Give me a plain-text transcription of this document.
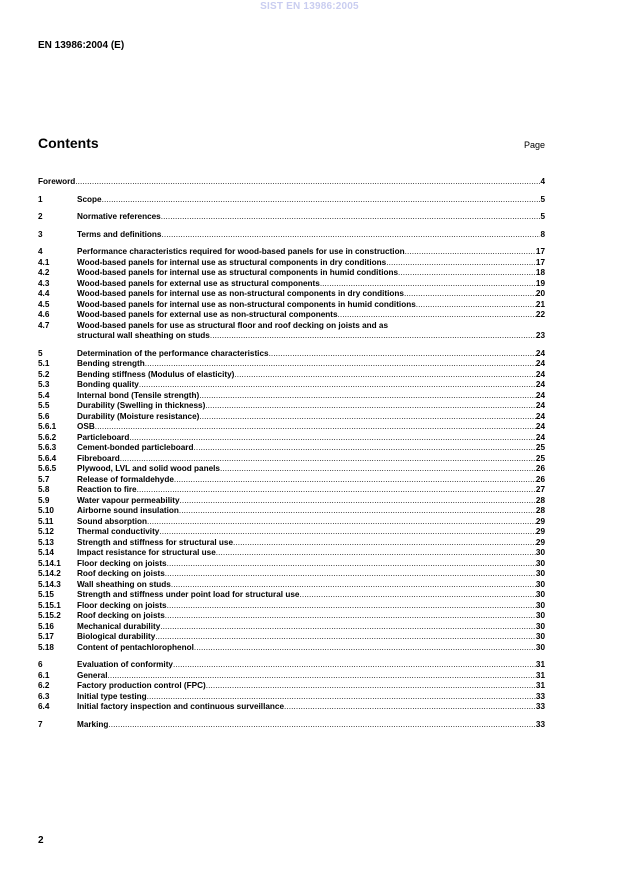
SIST EN 13986:2005
EN 13986:2004 (E)
Contents	Page
Foreword .....	4
1	Scope .....	5
2	Normative references .....	5
3	Terms and definitions .....	8
4	Performance characteristics required for wood-based panels for use in construction .....	17
4.1	Wood-based panels for internal use as structural components in dry conditions .....	17
4.2	Wood-based panels for internal use as structural components in humid conditions .....	18
4.3	Wood-based panels for external use as structural components .....	19
4.4	Wood-based panels for internal use as non-structural components in dry conditions .....	20
4.5	Wood-based panels for internal use as non-structural components in humid conditions .....	21
4.6	Wood-based panels for external use as non-structural components .....	22
4.7	Wood-based panels for use as structural floor and roof decking on joists and as
structural wall sheathing on studs .....	23
5	Determination of the performance characteristics .....	24
5.1	Bending strength .....	24
5.2	Bending stiffness (Modulus of elasticity) .....	24
5.3	Bonding quality .....	24
5.4	Internal bond (Tensile strength) .....	24
5.5	Durability (Swelling in thickness) .....	24
5.6	Durability (Moisture resistance) .....	24
5.6.1	OSB .....	24
5.6.2	Particleboard .....	24
5.6.3	Cement-bonded particleboard .....	25
5.6.4	Fibreboard .....	25
5.6.5	Plywood, LVL and solid wood panels .....	26
5.7	Release of formaldehyde .....	26
5.8	Reaction to fire .....	27
5.9	Water vapour permeability .....	28
5.10	Airborne sound insulation .....	28
5.11	Sound absorption .....	29
5.12	Thermal conductivity .....	29
5.13	Strength and stiffness for structural use .....	29
5.14	Impact resistance for structural use .....	30
5.14.1 Floor decking on joists .....	30
5.14.2 Roof decking on joists .....	30
5.14.3 Wall sheathing on studs .....	30
5.15	Strength and stiffness under point load for structural use .....	30
5.15.1 Floor decking on joists .....	30
5.15.2 Roof decking on joists .....	30
5.16	Mechanical durability .....	30
5.17	Biological durability .....	30
5.18	Content of pentachlorophenol .....	30
6	Evaluation of conformity .....	31
6.1	General .....	31
6.2	Factory production control (FPC) .....	31
6.3	Initial type testing .....	33
6.4	Initial factory inspection and continuous surveillance .....	33
7	Marking .....	33
2
